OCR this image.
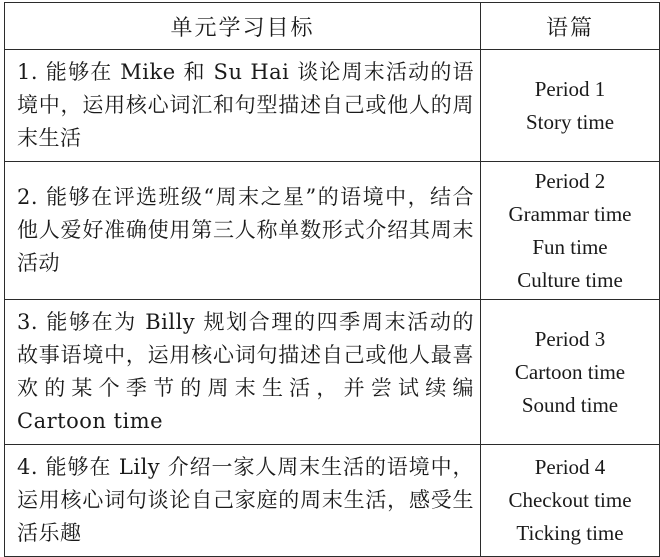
单元学习目标	语篇
1. 能够在 Mike 和 Su Hai 谈论周末活动的语境中，运用核心词汇和句型描述自己或他人的周末生活	Period 1
Story time

2. 能够在评选班级“周末之星”的语境中，结合他人爱好准确使用第三人称单数形式介绍其周末活动	Period 2
Grammar time
Fun time
Culture time

3. 能够在为 Billy 规划合理的四季周末活动的故事语境中，运用核心词句描述自己或他人最喜欢的某个季节的周末生活，并尝试续编 Cartoon time	Period 3
Cartoon time
Sound time

4. 能够在 Lily 介绍一家人周末生活的语境中，运用核心词句谈论自己家庭的周末生活，感受生活乐趣	Period 4
Checkout time
Ticking time
